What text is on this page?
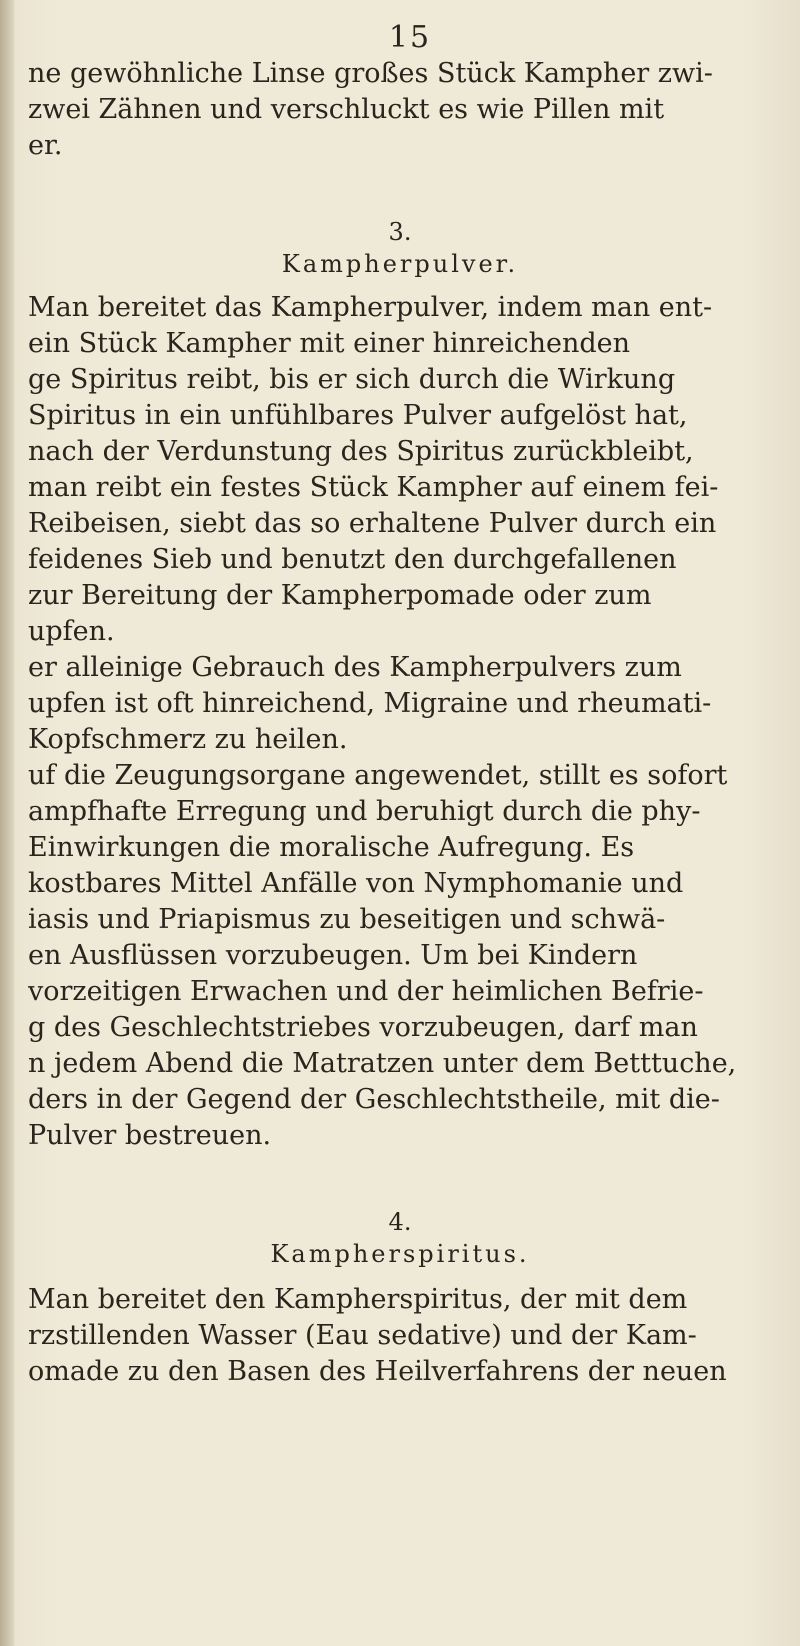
15
ne gewöhnliche Linse großes Stück Kampher zwi-
zwei Zähnen und verschluckt es wie Pillen mit
er.
3.
Kampherpulver.
Man bereitet das Kampherpulver, indem man ent-
ein Stück Kampher mit einer hinreichenden
ge Spiritus reibt, bis er sich durch die Wirkung
Spiritus in ein unfühlbares Pulver aufgelöst hat,
nach der Verdunstung des Spiritus zurückbleibt,
man reibt ein festes Stück Kampher auf einem fei-
Reibeisen, siebt das so erhaltene Pulver durch ein
feidenes Sieb und benutzt den durchgefallenen
zur Bereitung der Kampherpomade oder zum
upfen.
er alleinige Gebrauch des Kampherpulvers zum
upfen ist oft hinreichend, Migraine und rheumati-
Kopfschmerz zu heilen.
uf die Zeugungsorgane angewendet, stillt es sofort
ampfhafte Erregung und beruhigt durch die phy-
Einwirkungen die moralische Aufregung. Es
kostbares Mittel Anfälle von Nymphomanie und
iasis und Priapismus zu beseitigen und schwä-
en Ausflüssen vorzubeugen. Um bei Kindern
vorzeitigen Erwachen und der heimlichen Befrie-
g des Geschlechtstriebes vorzubeugen, darf man
n jedem Abend die Matratzen unter dem Betttuche,
ders in der Gegend der Geschlechtstheile, mit die-
Pulver bestreuen.
4.
Kampherspiritus.
Man bereitet den Kampherspiritus, der mit dem
rzstillenden Wasser (Eau sedative) und der Kam-
omade zu den Basen des Heilverfahrens der neuen
